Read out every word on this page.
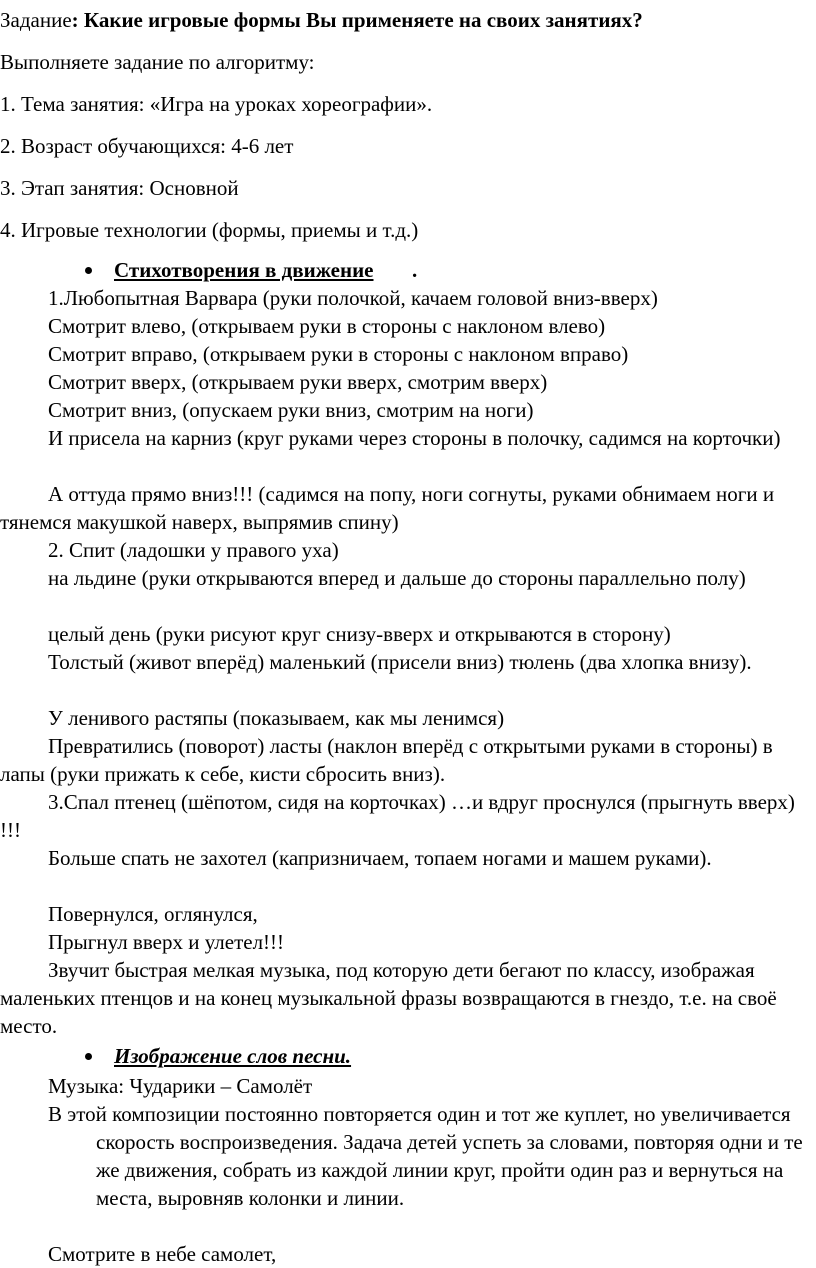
Задание: Какие игровые формы Вы применяете на своих занятиях?

Выполняете задание по алгоритму:

1. Тема занятия: «Игра на уроках хореографии».

2. Возраст обучающихся: 4-6 лет

3. Этап занятия: Основной

4. Игровые технологии (формы, приемы и т.д.)

Стихотворения в движение .

1.Любопытная Варвара (руки полочкой, качаем головой вниз-вверх)

Смотрит влево, (открываем руки в стороны с наклоном влево)

Смотрит вправо, (открываем руки в стороны с наклоном вправо)

Смотрит вверх, (открываем руки вверх, смотрим вверх)

Смотрит вниз, (опускаем руки вниз, смотрим на ноги)

И присела на карниз (круг руками через стороны в полочку, садимся на корточки)

А оттуда прямо вниз!!! (садимся на попу, ноги согнуты, руками обнимаем ноги и тянемся макушкой наверх, выпрямив спину)

2. Спит (ладошки у правого уха)

на льдине (руки открываются вперед и дальше до стороны параллельно полу)

целый день (руки рисуют круг снизу-вверх и открываются в сторону)

Толстый (живот вперёд) маленький (присели вниз) тюлень (два хлопка внизу).

У ленивого растяпы (показываем, как мы ленимся)

Превратились (поворот) ласты (наклон вперёд с открытыми руками в стороны) в лапы (руки прижать к себе, кисти сбросить вниз).

3.Спал птенец (шёпотом, сидя на корточках) …и вдруг проснулся (прыгнуть вверх) !!!

Больше спать не захотел (капризничаем, топаем ногами и машем руками).

Повернулся, оглянулся,

Прыгнул вверх и улетел!!!

Звучит быстрая мелкая музыка, под которую дети бегают по классу, изображая маленьких птенцов и на конец музыкальной фразы возвращаются в гнездо, т.е. на своё место.

Изображение слов песни.

Музыка: Чударики – Самолёт

В этой композиции постоянно повторяется один и тот же куплет, но увеличивается скорость воспроизведения. Задача детей успеть за словами, повторяя одни и те же движения, собрать из каждой линии круг, пройти один раз и вернуться на места, выровняв колонки и линии.

Смотрите в небе самолет,
